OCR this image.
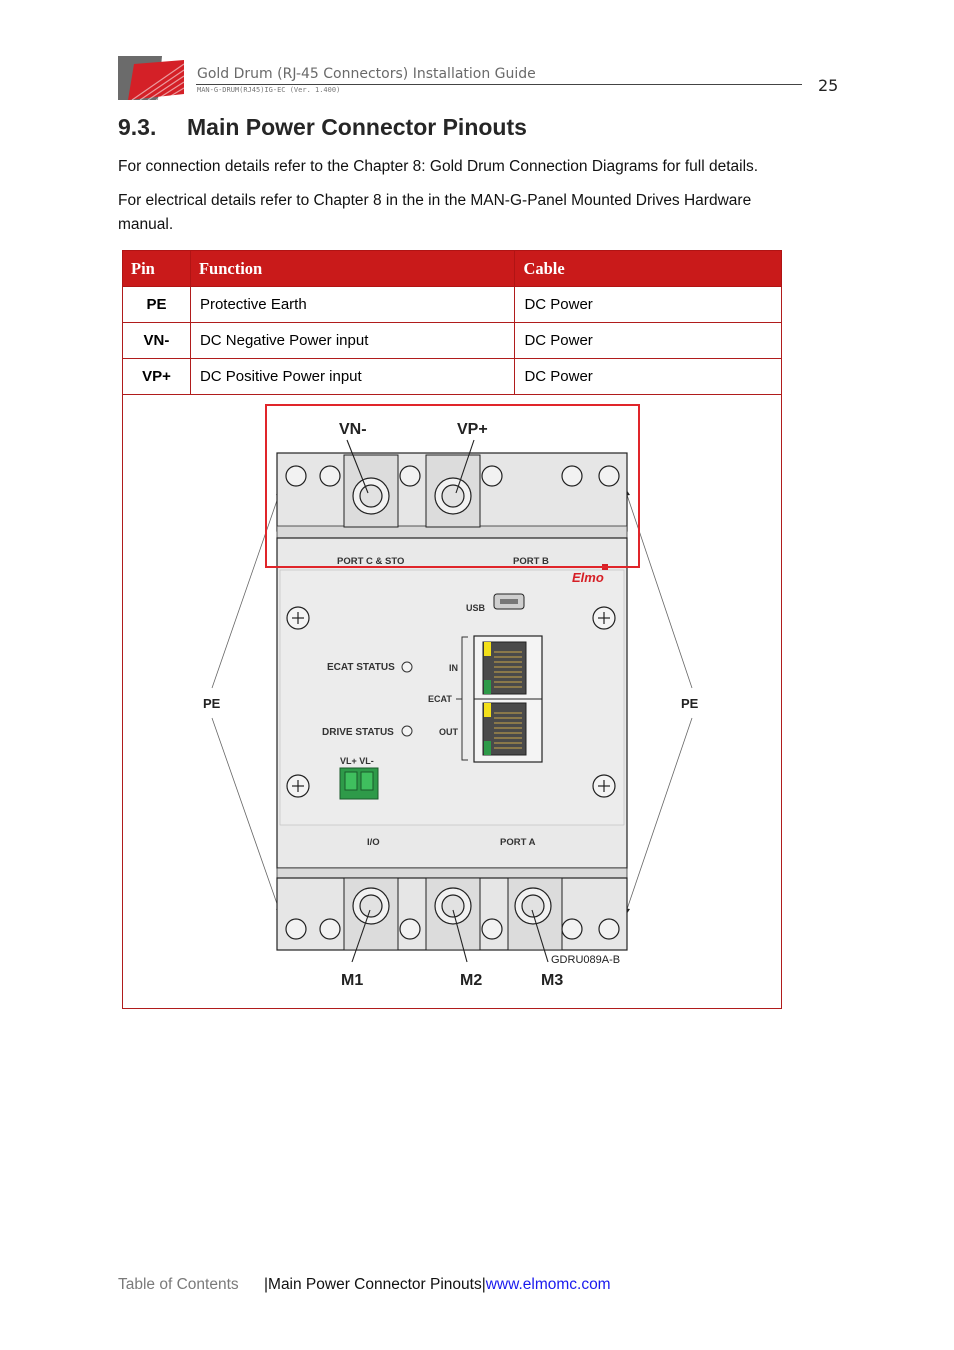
Gold Drum (RJ-45 Connectors) Installation Guide
MAN-G-DRUM(RJ45)IG-EC (Ver. 1.400)	25
9.3. Main Power Connector Pinouts
For connection details refer to the Chapter 8: Gold Drum Connection Diagrams for full details.
For electrical details refer to Chapter 8 in the in the MAN-G-Panel Mounted Drives Hardware manual.
Pin	Function	Cable
PE	Protective Earth	DC Power
VN-	DC Negative Power input	DC Power
VP+	DC Positive Power input	DC Power
PORT C & STO	PORT B
Elmo
USB
ECAT STATUS
DRIVE STATUS
IN
ECAT
OUT
VL+ VL-
I/O	PORT A
VN-	VP+
PE	PE
M1	M2	M3
GDRU089A-B
Table of Contents |Main Power Connector Pinouts|www.elmomc.com
